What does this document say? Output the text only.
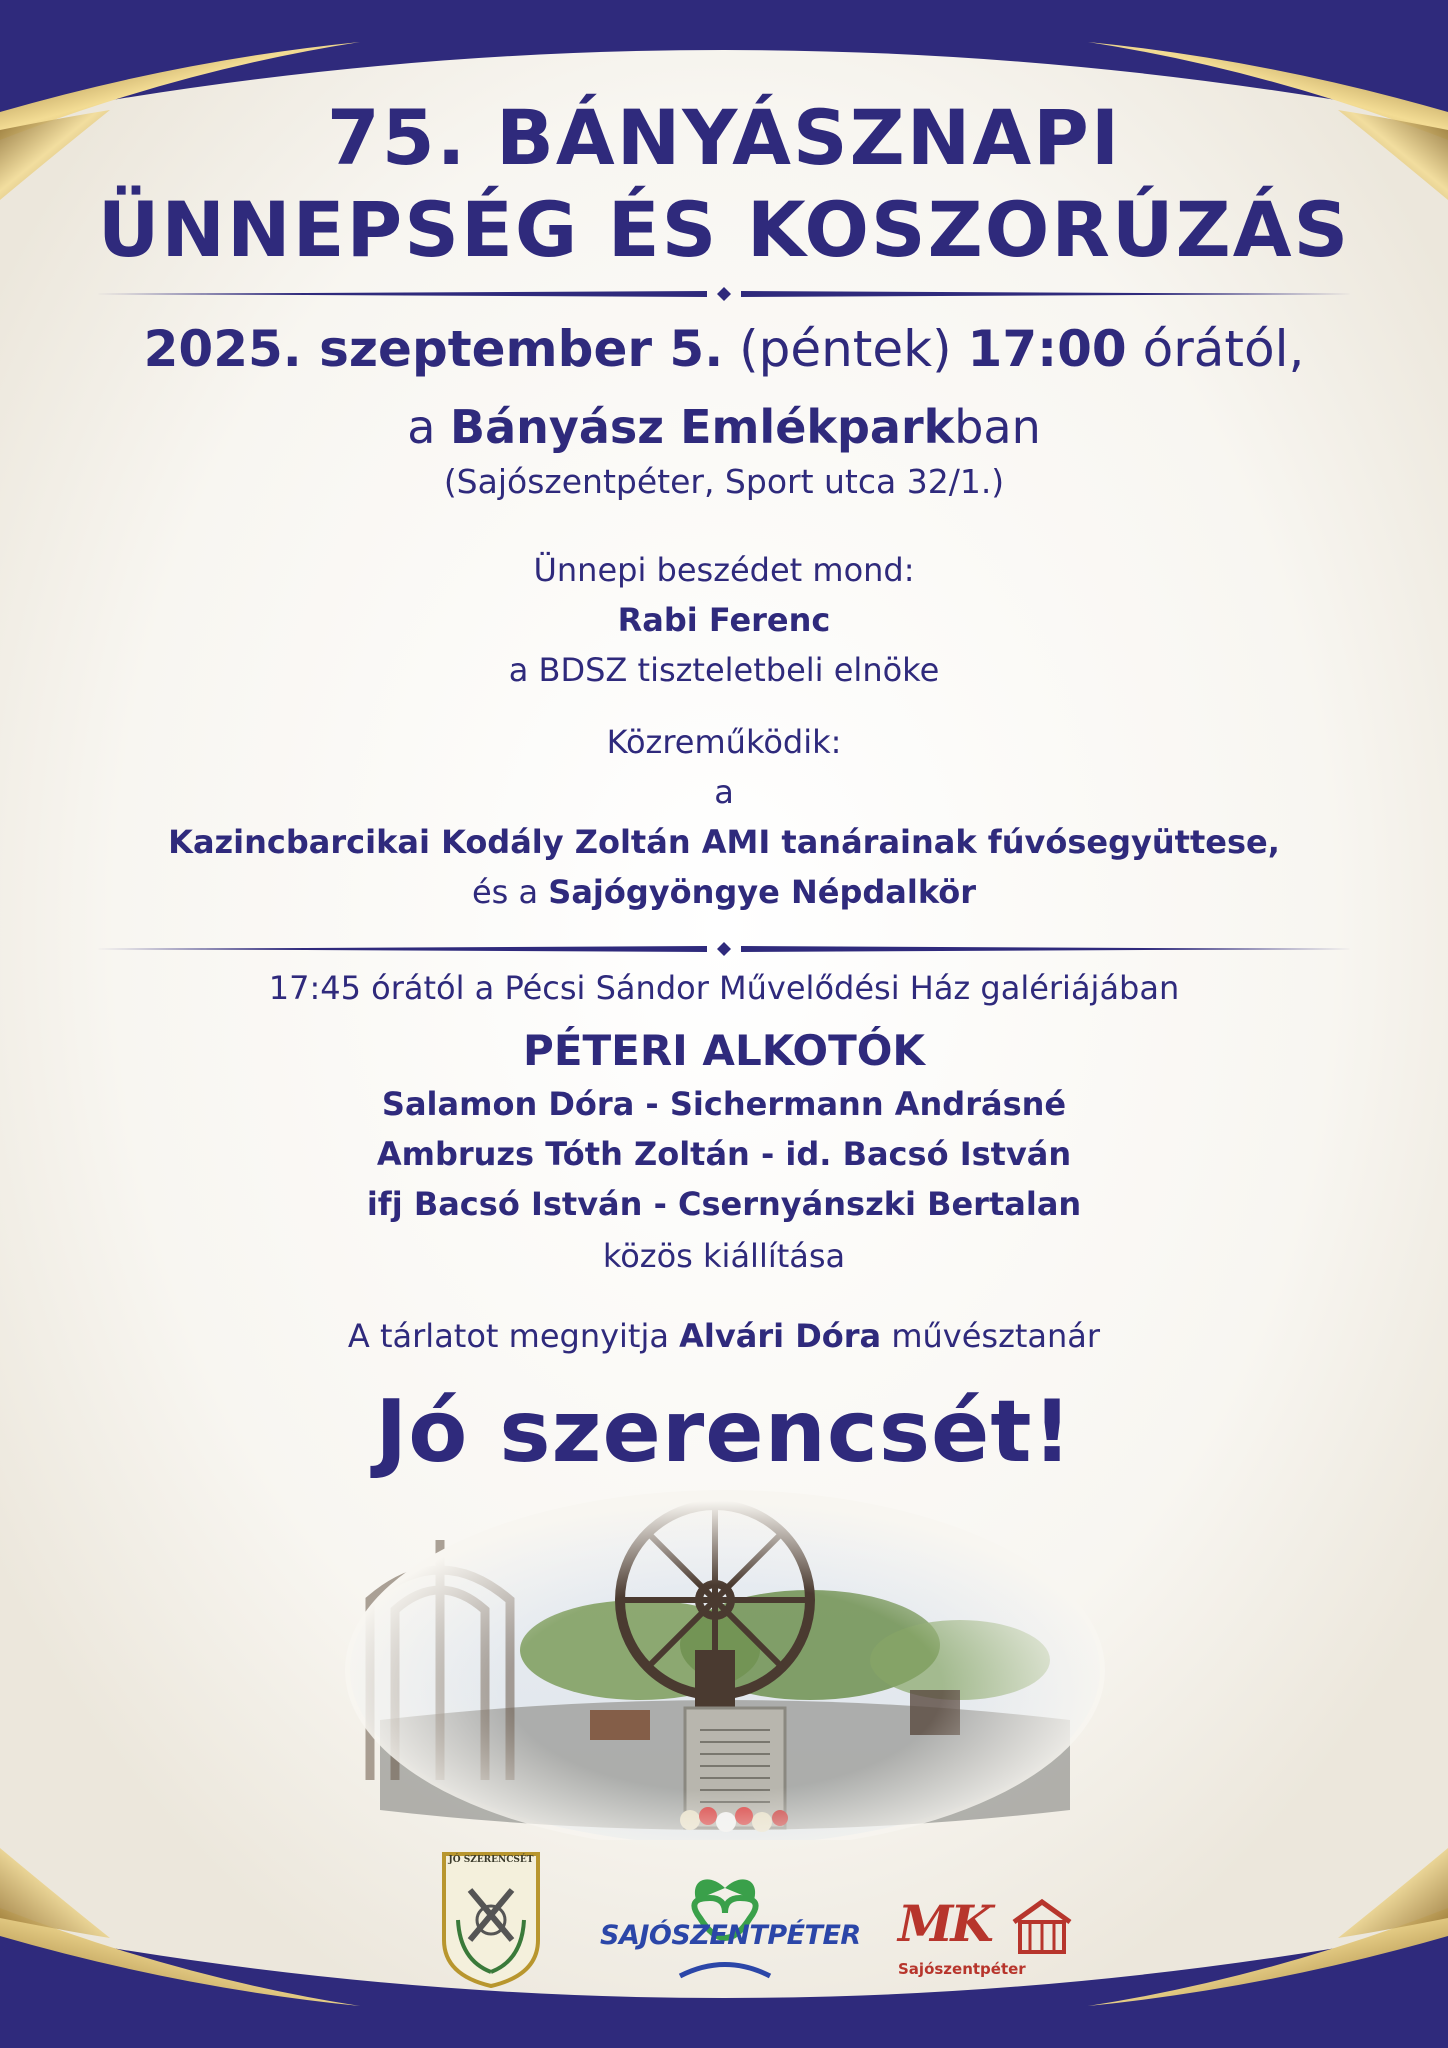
75. BÁNYÁSZNAPI
ÜNNEPSÉG ÉS KOSZORÚZÁS
2025. szeptember 5. (péntek) 17:00 órától,
a Bányász Emlékparkban
(Sajószentpéter, Sport utca 32/1.)
Ünnepi beszédet mond:
Rabi Ferenc
a BDSZ tiszteletbeli elnöke
Közreműködik:
a
Kazincbarcikai Kodály Zoltán AMI tanárainak fúvósegyüttese,
és a Sajógyöngye Népdalkör
17:45 órától a Pécsi Sándor Művelődési Ház galériájában
PÉTERI ALKOTÓK
Salamon Dóra - Sichermann Andrásné
Ambruzs Tóth Zoltán - id. Bacsó István
ifj Bacsó István - Csernyánszki Bertalan
közös kiállítása
A tárlatot megnyitja Alvári Dóra művésztanár
Jó szerencsét!
JÓ SZERENCSÉT
SAJÓSZENTPÉTER MK
Sajószentpéter
